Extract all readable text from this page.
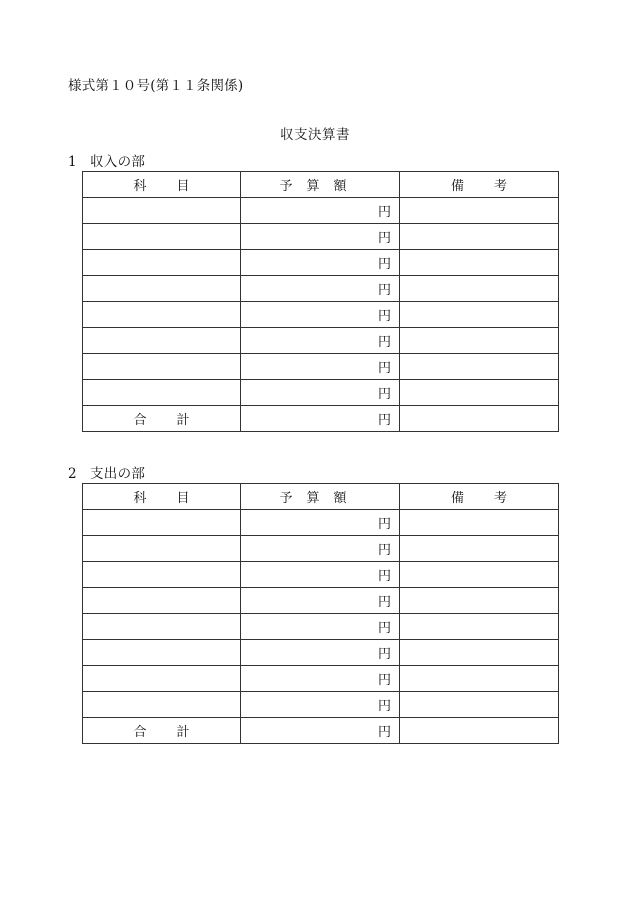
様式第１０号(第１１条関係)
収支決算書
1 収入の部
科目	予算額	備考
	円	
	円	
	円	
	円	
	円	
	円	
	円	
	円	
合計	円	
2 支出の部
科目	予算額	備考
	円	
	円	
	円	
	円	
	円	
	円	
	円	
	円	
合計	円	
